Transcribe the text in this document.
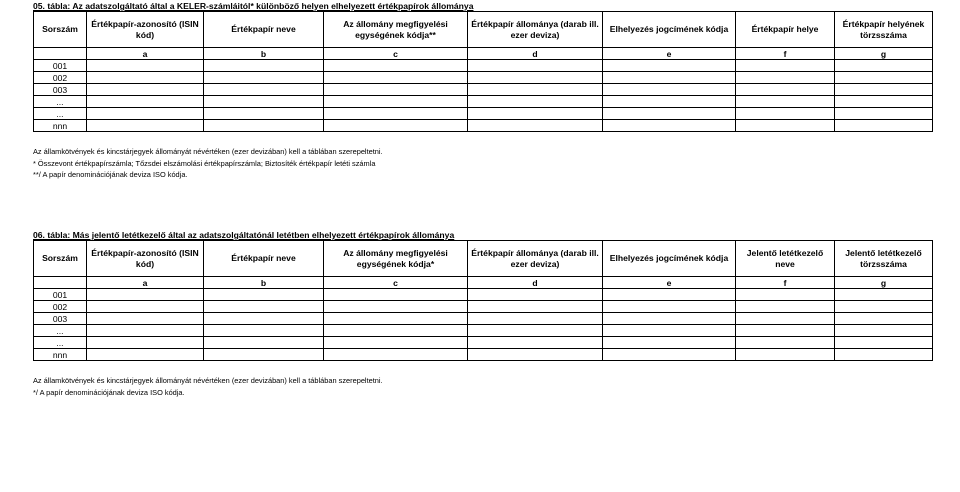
05. tábla: Az adatszolgáltató által a KELER-számláitól* különböző helyen elhelyezett értékpapírok állománya
Sorszám	Értékpapír-azonosító (ISIN kód)	Értékpapír neve	Az állomány megfigyelési egységének kódja**	Értékpapír állománya (darab ill. ezer deviza)	Elhelyezés jogcímének kódja	Értékpapír helye	Értékpapír helyének törzsszáma
	a	b	c	d	e	f	g
001							
002							
003							
...							
...							
nnn							
Az államkötvények és kincstárjegyek állományát névértéken (ezer devizában) kell a táblában szerepeltetni.
* Összevont értékpapírszámla; Tőzsdei elszámolási értékpapírszámla; Biztosíték értékpapír letéti számla
**/ A papír denominációjának deviza ISO kódja.
06. tábla: Más jelentő letétkezelő által az adatszolgáltatónál letétben elhelyezett értékpapírok állománya
Sorszám	Értékpapír-azonosító (ISIN kód)	Értékpapír neve	Az állomány megfigyelési egységének kódja*	Értékpapír állománya (darab ill. ezer deviza)	Elhelyezés jogcímének kódja	Jelentő letétkezelő neve	Jelentő letétkezelő törzsszáma
	a	b	c	d	e	f	g
001							
002							
003							
...							
...							
nnn							
Az államkötvények és kincstárjegyek állományát névértéken (ezer devizában) kell a táblában szerepeltetni.
*/ A papír denominációjának deviza ISO kódja.
